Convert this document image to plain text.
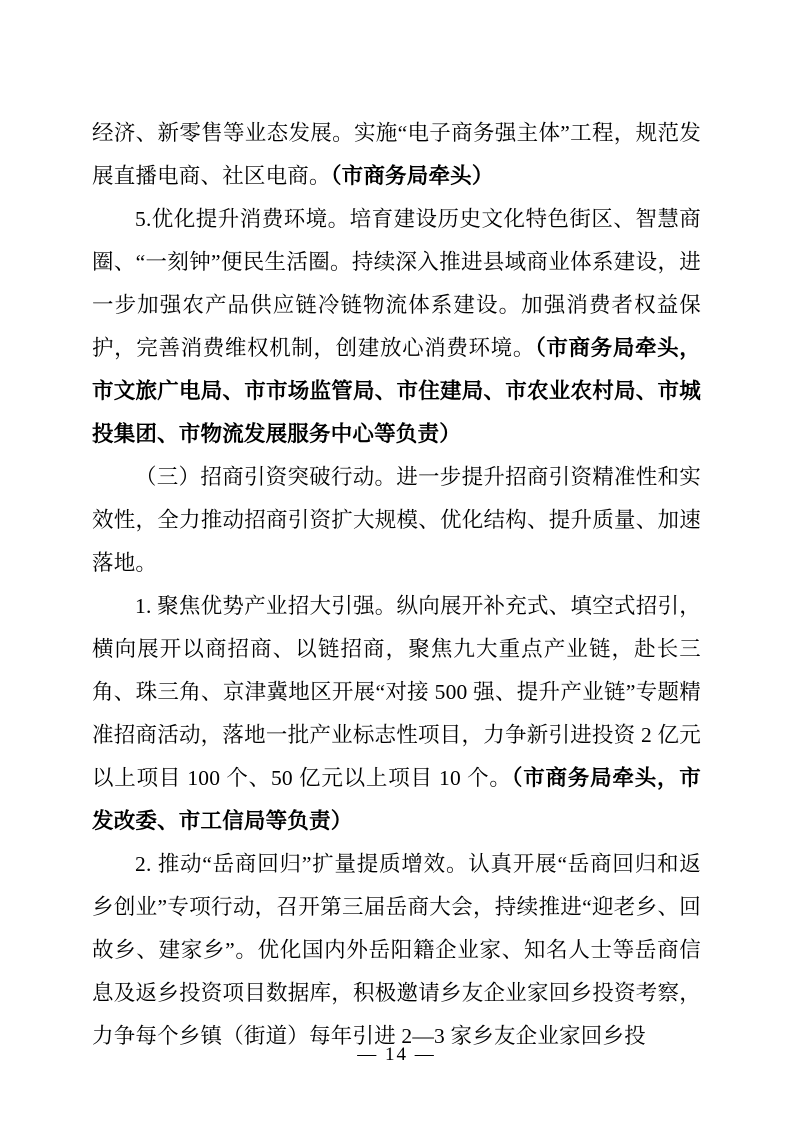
经济、新零售等业态发展。实施“电子商务强主体”工程，规范发展直播电商、社区电商。（市商务局牵头）

5.优化提升消费环境。培育建设历史文化特色街区、智慧商圈、“一刻钟”便民生活圈。持续深入推进县域商业体系建设，进一步加强农产品供应链冷链物流体系建设。加强消费者权益保护，完善消费维权机制，创建放心消费环境。（市商务局牵头，市文旅广电局、市市场监管局、市住建局、市农业农村局、市城投集团、市物流发展服务中心等负责）

（三）招商引资突破行动。进一步提升招商引资精准性和实效性，全力推动招商引资扩大规模、优化结构、提升质量、加速落地。

1. 聚焦优势产业招大引强。纵向展开补充式、填空式招引，横向展开以商招商、以链招商，聚焦九大重点产业链，赴长三角、珠三角、京津冀地区开展“对接 500 强、提升产业链”专题精准招商活动，落地一批产业标志性项目，力争新引进投资 2 亿元以上项目 100 个、50 亿元以上项目 10 个。（市商务局牵头，市发改委、市工信局等负责）

2. 推动“岳商回归”扩量提质增效。认真开展“岳商回归和返乡创业”专项行动，召开第三届岳商大会，持续推进“迎老乡、回故乡、建家乡”。优化国内外岳阳籍企业家、知名人士等岳商信息及返乡投资项目数据库，积极邀请乡友企业家回乡投资考察，力争每个乡镇（街道）每年引进 2—3 家乡友企业家回乡投

— 14 —
